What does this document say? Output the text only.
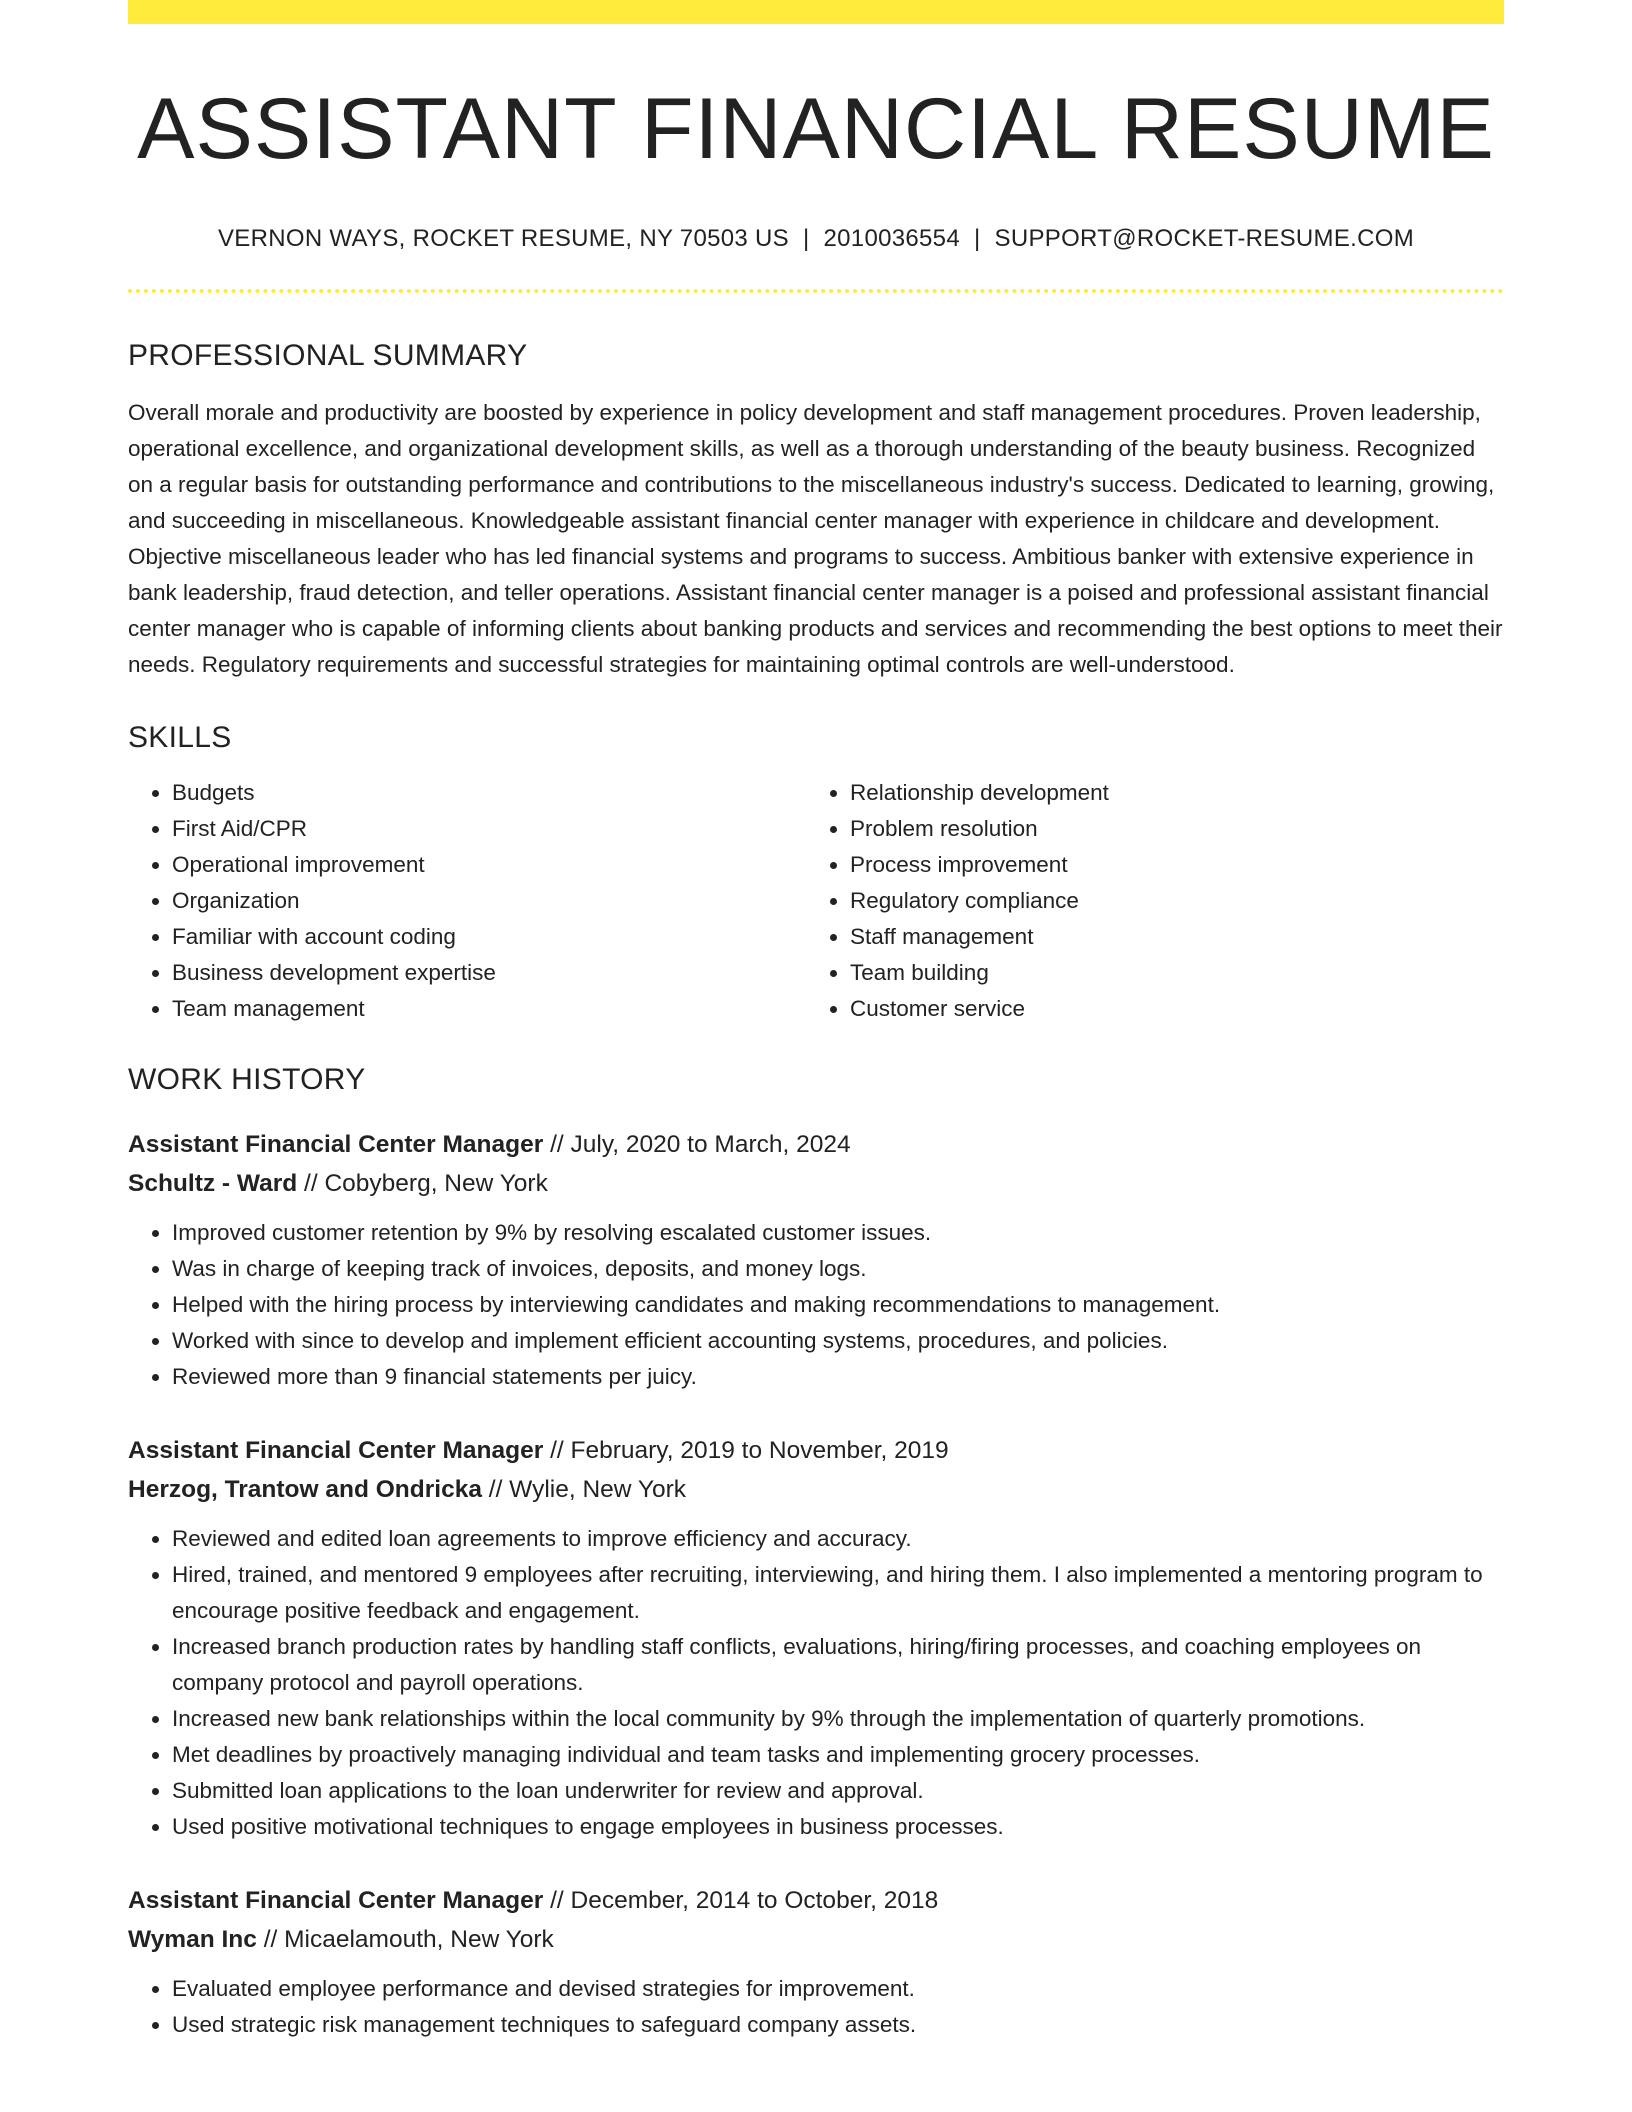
ASSISTANT FINANCIAL RESUME
VERNON WAYS, ROCKET RESUME, NY 70503 US | 2010036554 | SUPPORT@ROCKET-RESUME.COM
PROFESSIONAL SUMMARY
Overall morale and productivity are boosted by experience in policy development and staff management procedures. Proven leadership, operational excellence, and organizational development skills, as well as a thorough understanding of the beauty business. Recognized on a regular basis for outstanding performance and contributions to the miscellaneous industry's success. Dedicated to learning, growing, and succeeding in miscellaneous. Knowledgeable assistant financial center manager with experience in childcare and development. Objective miscellaneous leader who has led financial systems and programs to success. Ambitious banker with extensive experience in bank leadership, fraud detection, and teller operations. Assistant financial center manager is a poised and professional assistant financial center manager who is capable of informing clients about banking products and services and recommending the best options to meet their needs. Regulatory requirements and successful strategies for maintaining optimal controls are well-understood.
SKILLS
• Budgets
• First Aid/CPR
• Operational improvement
• Organization
• Familiar with account coding
• Business development expertise
• Team management
• Relationship development
• Problem resolution
• Process improvement
• Regulatory compliance
• Staff management
• Team building
• Customer service
WORK HISTORY
Assistant Financial Center Manager // July, 2020 to March, 2024
Schultz - Ward // Cobyberg, New York
• Improved customer retention by 9% by resolving escalated customer issues.
• Was in charge of keeping track of invoices, deposits, and money logs.
• Helped with the hiring process by interviewing candidates and making recommendations to management.
• Worked with since to develop and implement efficient accounting systems, procedures, and policies.
• Reviewed more than 9 financial statements per juicy.
Assistant Financial Center Manager // February, 2019 to November, 2019
Herzog, Trantow and Ondricka // Wylie, New York
• Reviewed and edited loan agreements to improve efficiency and accuracy.
• Hired, trained, and mentored 9 employees after recruiting, interviewing, and hiring them. I also implemented a mentoring program to encourage positive feedback and engagement.
• Increased branch production rates by handling staff conflicts, evaluations, hiring/firing processes, and coaching employees on company protocol and payroll operations.
• Increased new bank relationships within the local community by 9% through the implementation of quarterly promotions.
• Met deadlines by proactively managing individual and team tasks and implementing grocery processes.
• Submitted loan applications to the loan underwriter for review and approval.
• Used positive motivational techniques to engage employees in business processes.
Assistant Financial Center Manager // December, 2014 to October, 2018
Wyman Inc // Micaelamouth, New York
• Evaluated employee performance and devised strategies for improvement.
• Used strategic risk management techniques to safeguard company assets.
